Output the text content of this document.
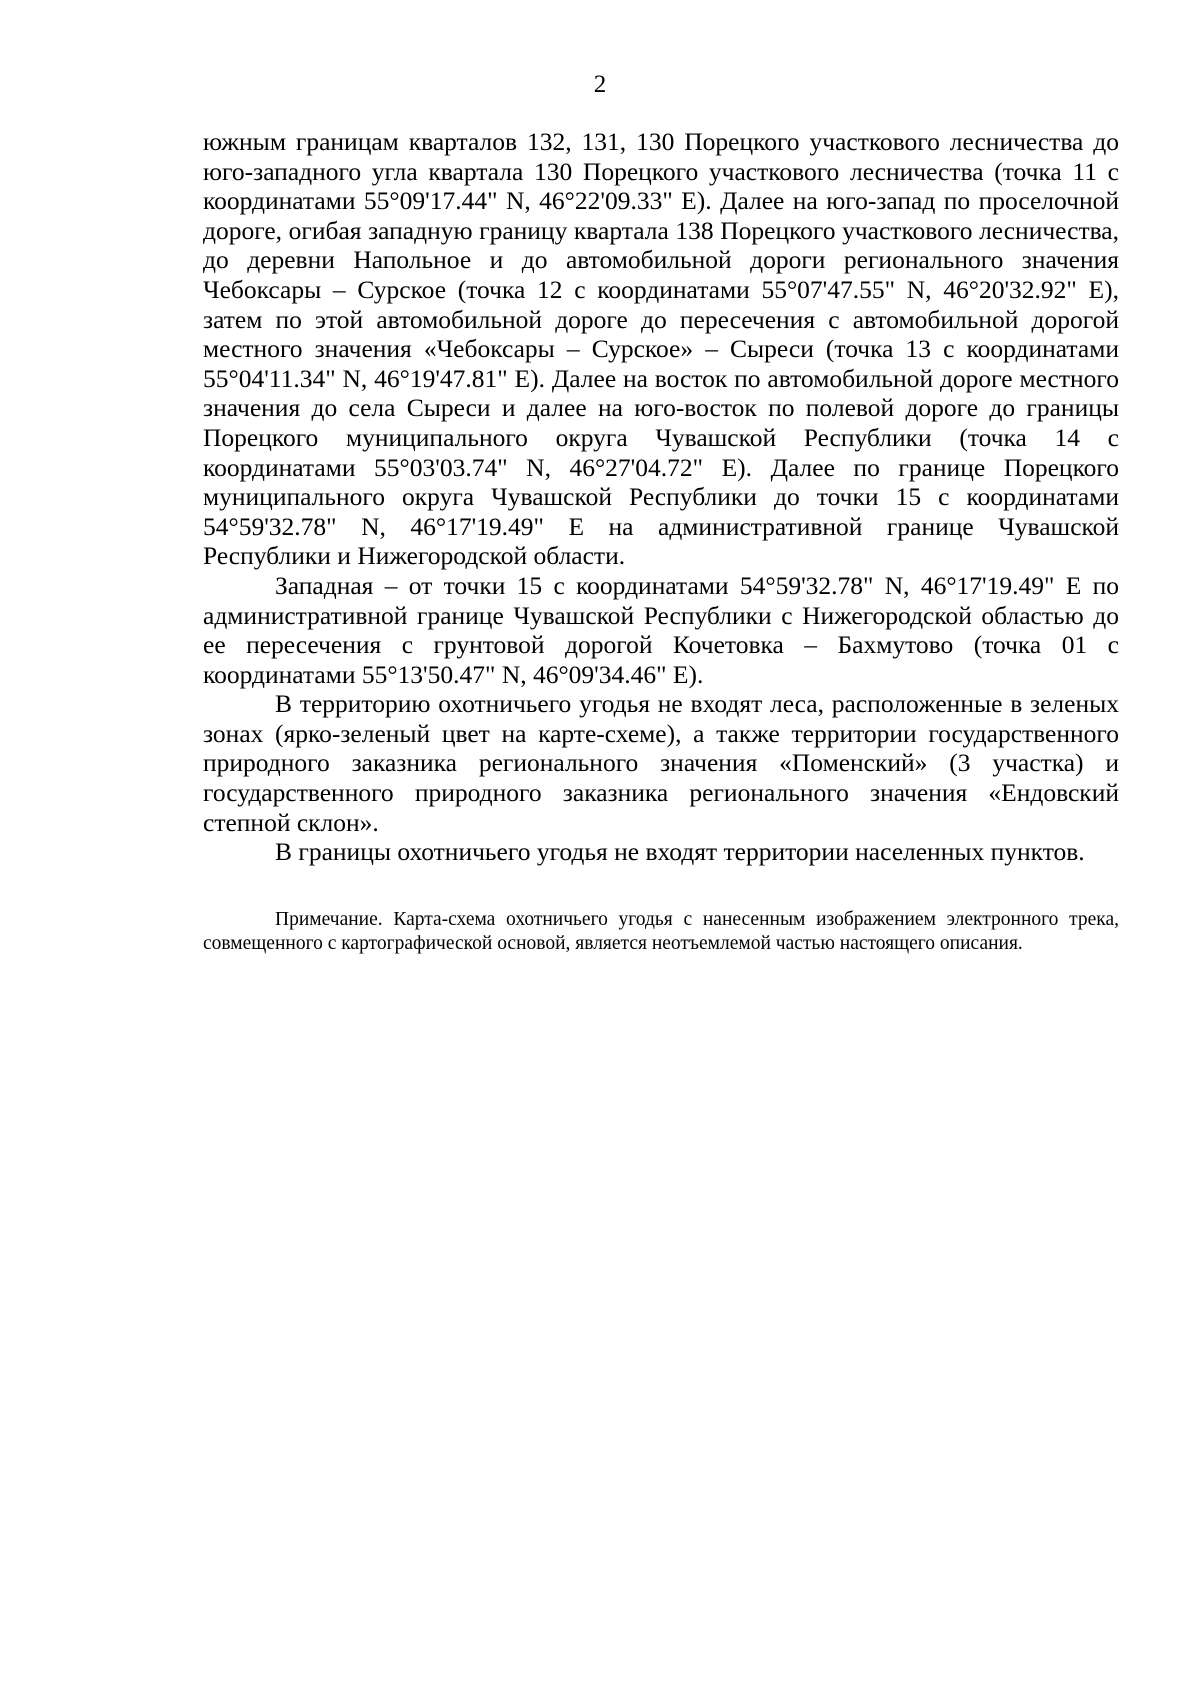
2

южным границам кварталов 132, 131, 130 Порецкого участкового лесничества до юго-западного угла квартала 130 Порецкого участкового лесничества (точка 11 с координатами 55°09'17.44" N, 46°22'09.33" E). Далее на юго-запад по проселочной дороге, огибая западную границу квартала 138 Порецкого участкового лесничества, до деревни Напольное и до автомобильной дороги регионального значения Чебоксары – Сурское (точка 12 с координатами 55°07'47.55" N, 46°20'32.92" E), затем по этой автомобильной дороге до пересечения с автомобильной дорогой местного значения «Чебоксары – Сурское» – Сыреси (точка 13 с координатами 55°04'11.34" N, 46°19'47.81" E). Далее на восток по автомобильной дороге местного значения до села Сыреси и далее на юго-восток по полевой дороге до границы Порецкого муниципального округа Чувашской Республики (точка 14 с координатами 55°03'03.74" N, 46°27'04.72" E). Далее по границе Порецкого муниципального округа Чувашской Республики до точки 15 с координатами 54°59'32.78" N, 46°17'19.49" E на административной границе Чувашской Республики и Нижегородской области.

Западная – от точки 15 с координатами 54°59'32.78" N, 46°17'19.49" E по административной границе Чувашской Республики с Нижегородской областью до ее пересечения с грунтовой дорогой Кочетовка – Бахмутово (точка 01 с координатами 55°13'50.47" N, 46°09'34.46" E).

В территорию охотничьего угодья не входят леса, расположенные в зеленых зонах (ярко-зеленый цвет на карте-схеме), а также территории государственного природного заказника регионального значения «Поменский» (3 участка) и государственного природного заказника регионального значения «Ендовский степной склон».

В границы охотничьего угодья не входят территории населенных пунктов.

Примечание. Карта-схема охотничьего угодья с нанесенным изображением электронного трека, совмещенного с картографической основой, является неотъемлемой частью настоящего описания.
